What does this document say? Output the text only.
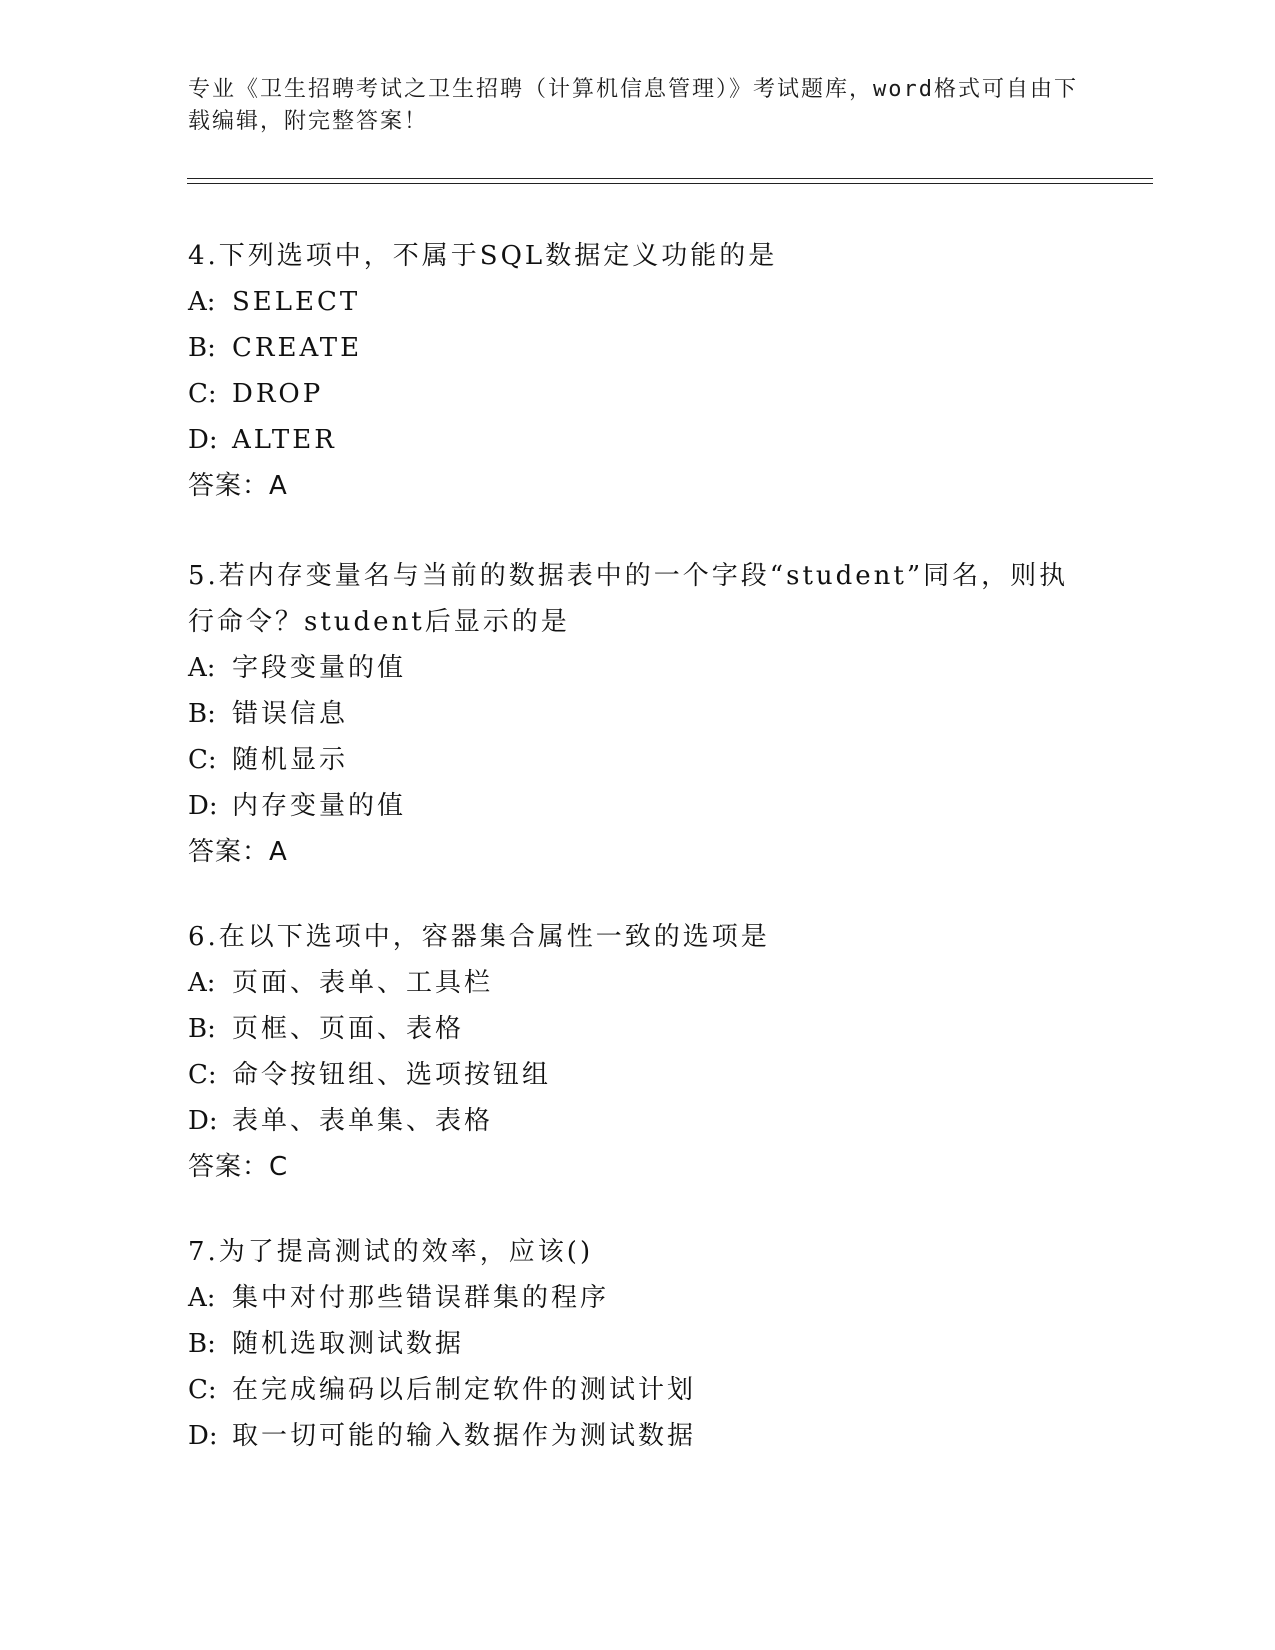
专业《卫生招聘考试之卫生招聘（计算机信息管理）》考试题库，word格式可自由下载编辑，附完整答案！

4.下列选项中，不属于SQL数据定义功能的是

A: SELECT
B: CREATE
C: DROP
D: ALTER
答案：A

5.若内存变量名与当前的数据表中的一个字段“student”同名，则执行命令？student后显示的是

A: 字段变量的值
B: 错误信息
C: 随机显示
D: 内存变量的值
答案：A

6.在以下选项中，容器集合属性一致的选项是

A: 页面、表单、工具栏
B: 页框、页面、表格
C: 命令按钮组、选项按钮组
D: 表单、表单集、表格
答案：C

7.为了提高测试的效率，应该()

A: 集中对付那些错误群集的程序
B: 随机选取测试数据
C: 在完成编码以后制定软件的测试计划
D: 取一切可能的输入数据作为测试数据
